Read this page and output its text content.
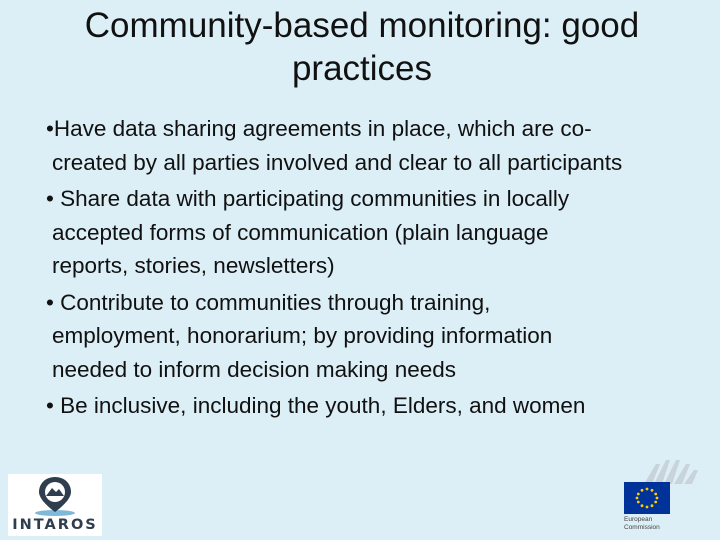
Community-based monitoring: good practices
•Have data sharing agreements in place, which are co-
created by all parties involved and clear to all participants
• Share data with participating communities in locally
accepted forms of communication (plain language
reports, stories, newsletters)
• Contribute to communities through training,
employment, honorarium; by providing information
needed to inform decision making needs
• Be inclusive, including the youth, Elders, and women
INTAROS	European
Commission
